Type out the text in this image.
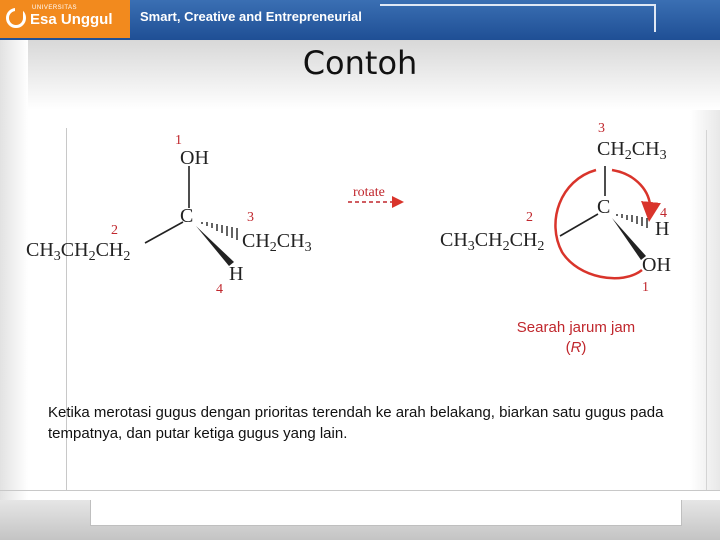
UNIVERSITAS
Esa Unggul Smart, Creative and Entrepreneurial
Contoh
1
OH
C
2
$CH_3CH_2CH_2$
3
$CH_2CH_3$
H
4
rotate
3
$CH_2CH_3$
C
2
$CH_3CH_2CH_2$
4
H
OH
1
Searah jarum jam
(R)
Ketika merotasi gugus dengan prioritas terendah ke arah belakang, biarkan satu gugus pada tempatnya, dan putar ketiga gugus yang lain.
